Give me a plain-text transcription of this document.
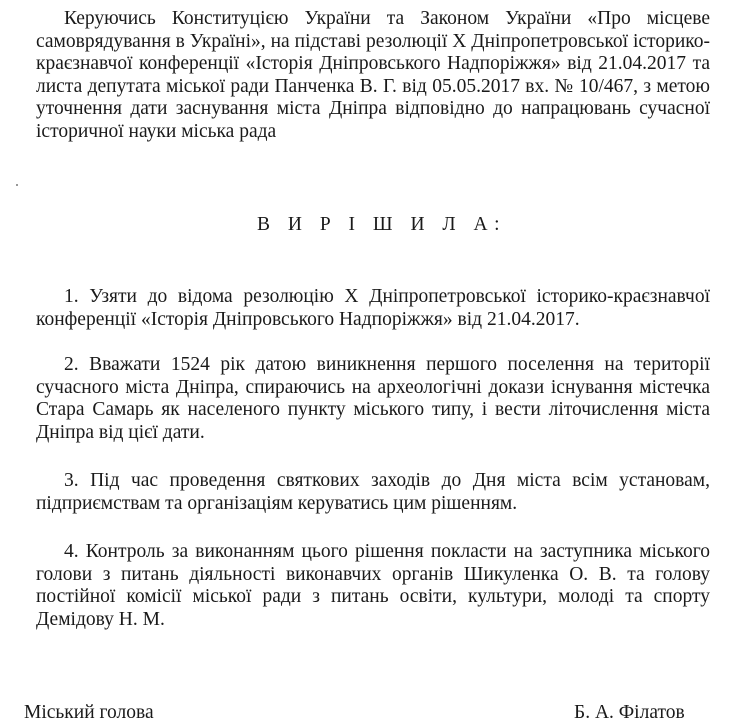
Керуючись Конституцією України та Законом України «Про місцеве
самоврядування в Україні», на підставі резолюції X Дніпропетровської історико-
краєзнавчої конференції «Історія Дніпровського Надпоріжжя» від 21.04.2017 та
листа депутата міської ради Панченка В. Г. від 05.05.2017 вх. № 10/467, з метою
уточнення дати заснування міста Дніпра відповідно до напрацювань сучасної
історичної науки міська рада

В И Р І Ш И Л А:

1. Узяти до відома резолюцію X Дніпропетровської історико-краєзнавчої
конференції «Історія Дніпровського Надпоріжжя» від 21.04.2017.
2. Вважати 1524 рік датою виникнення першого поселення на території
сучасного міста Дніпра, спираючись на археологічні докази існування містечка
Стара Самарь як населеного пункту міського типу, і вести літочислення міста
Дніпра від цієї дати.
3. Під час проведення святкових заходів до Дня міста всім установам,
підприємствам та організаціям керуватись цим рішенням.
4. Контроль за виконанням цього рішення покласти на заступника міського
голови з питань діяльності виконавчих органів Шикуленка О. В. та голову
постійної комісії міської ради з питань освіти, культури, молоді та спорту
Демідову Н. М.
Міський голова	Б. А. Філатов
